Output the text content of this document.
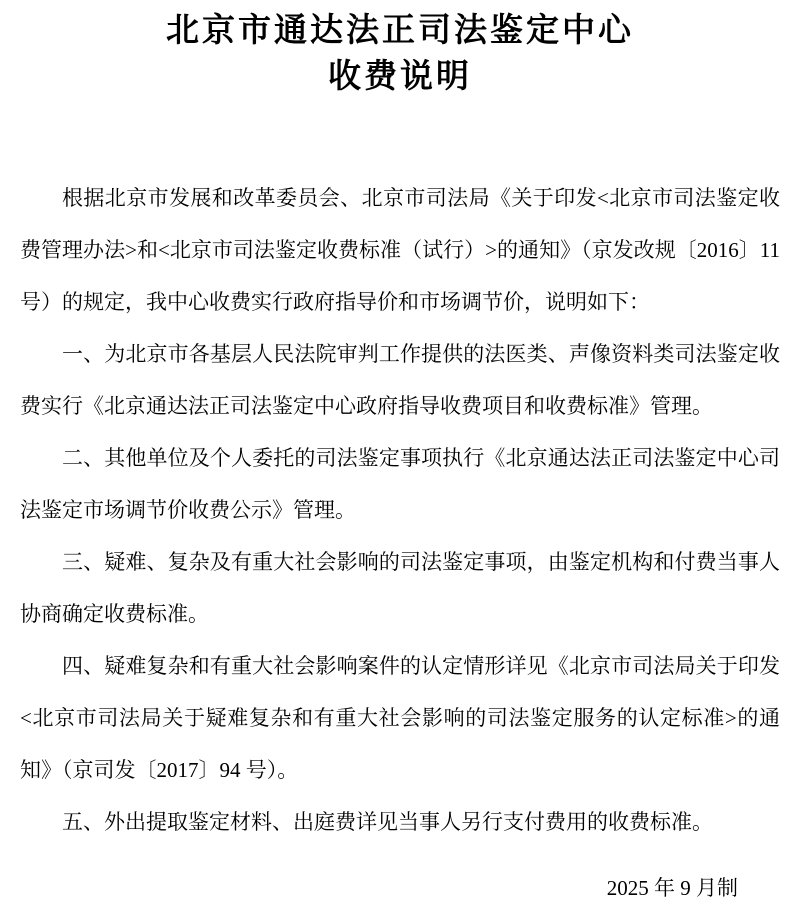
北京市通达法正司法鉴定中心
收费说明

根据北京市发展和改革委员会、北京市司法局《关于印发<北京市司法鉴定收费管理办法>和<北京市司法鉴定收费标准（试行）>的通知》（京发改规〔2016〕11 号）的规定，我中心收费实行政府指导价和市场调节价，说明如下：

一、为北京市各基层人民法院审判工作提供的法医类、声像资料类司法鉴定收费实行《北京通达法正司法鉴定中心政府指导收费项目和收费标准》管理。

二、其他单位及个人委托的司法鉴定事项执行《北京通达法正司法鉴定中心司法鉴定市场调节价收费公示》管理。

三、疑难、复杂及有重大社会影响的司法鉴定事项，由鉴定机构和付费当事人协商确定收费标准。

四、疑难复杂和有重大社会影响案件的认定情形详见《北京市司法局关于印发<北京市司法局关于疑难复杂和有重大社会影响的司法鉴定服务的认定标准>的通知》（京司发〔2017〕94 号）。

五、外出提取鉴定材料、出庭费详见当事人另行支付费用的收费标准。

2025 年 9 月制
